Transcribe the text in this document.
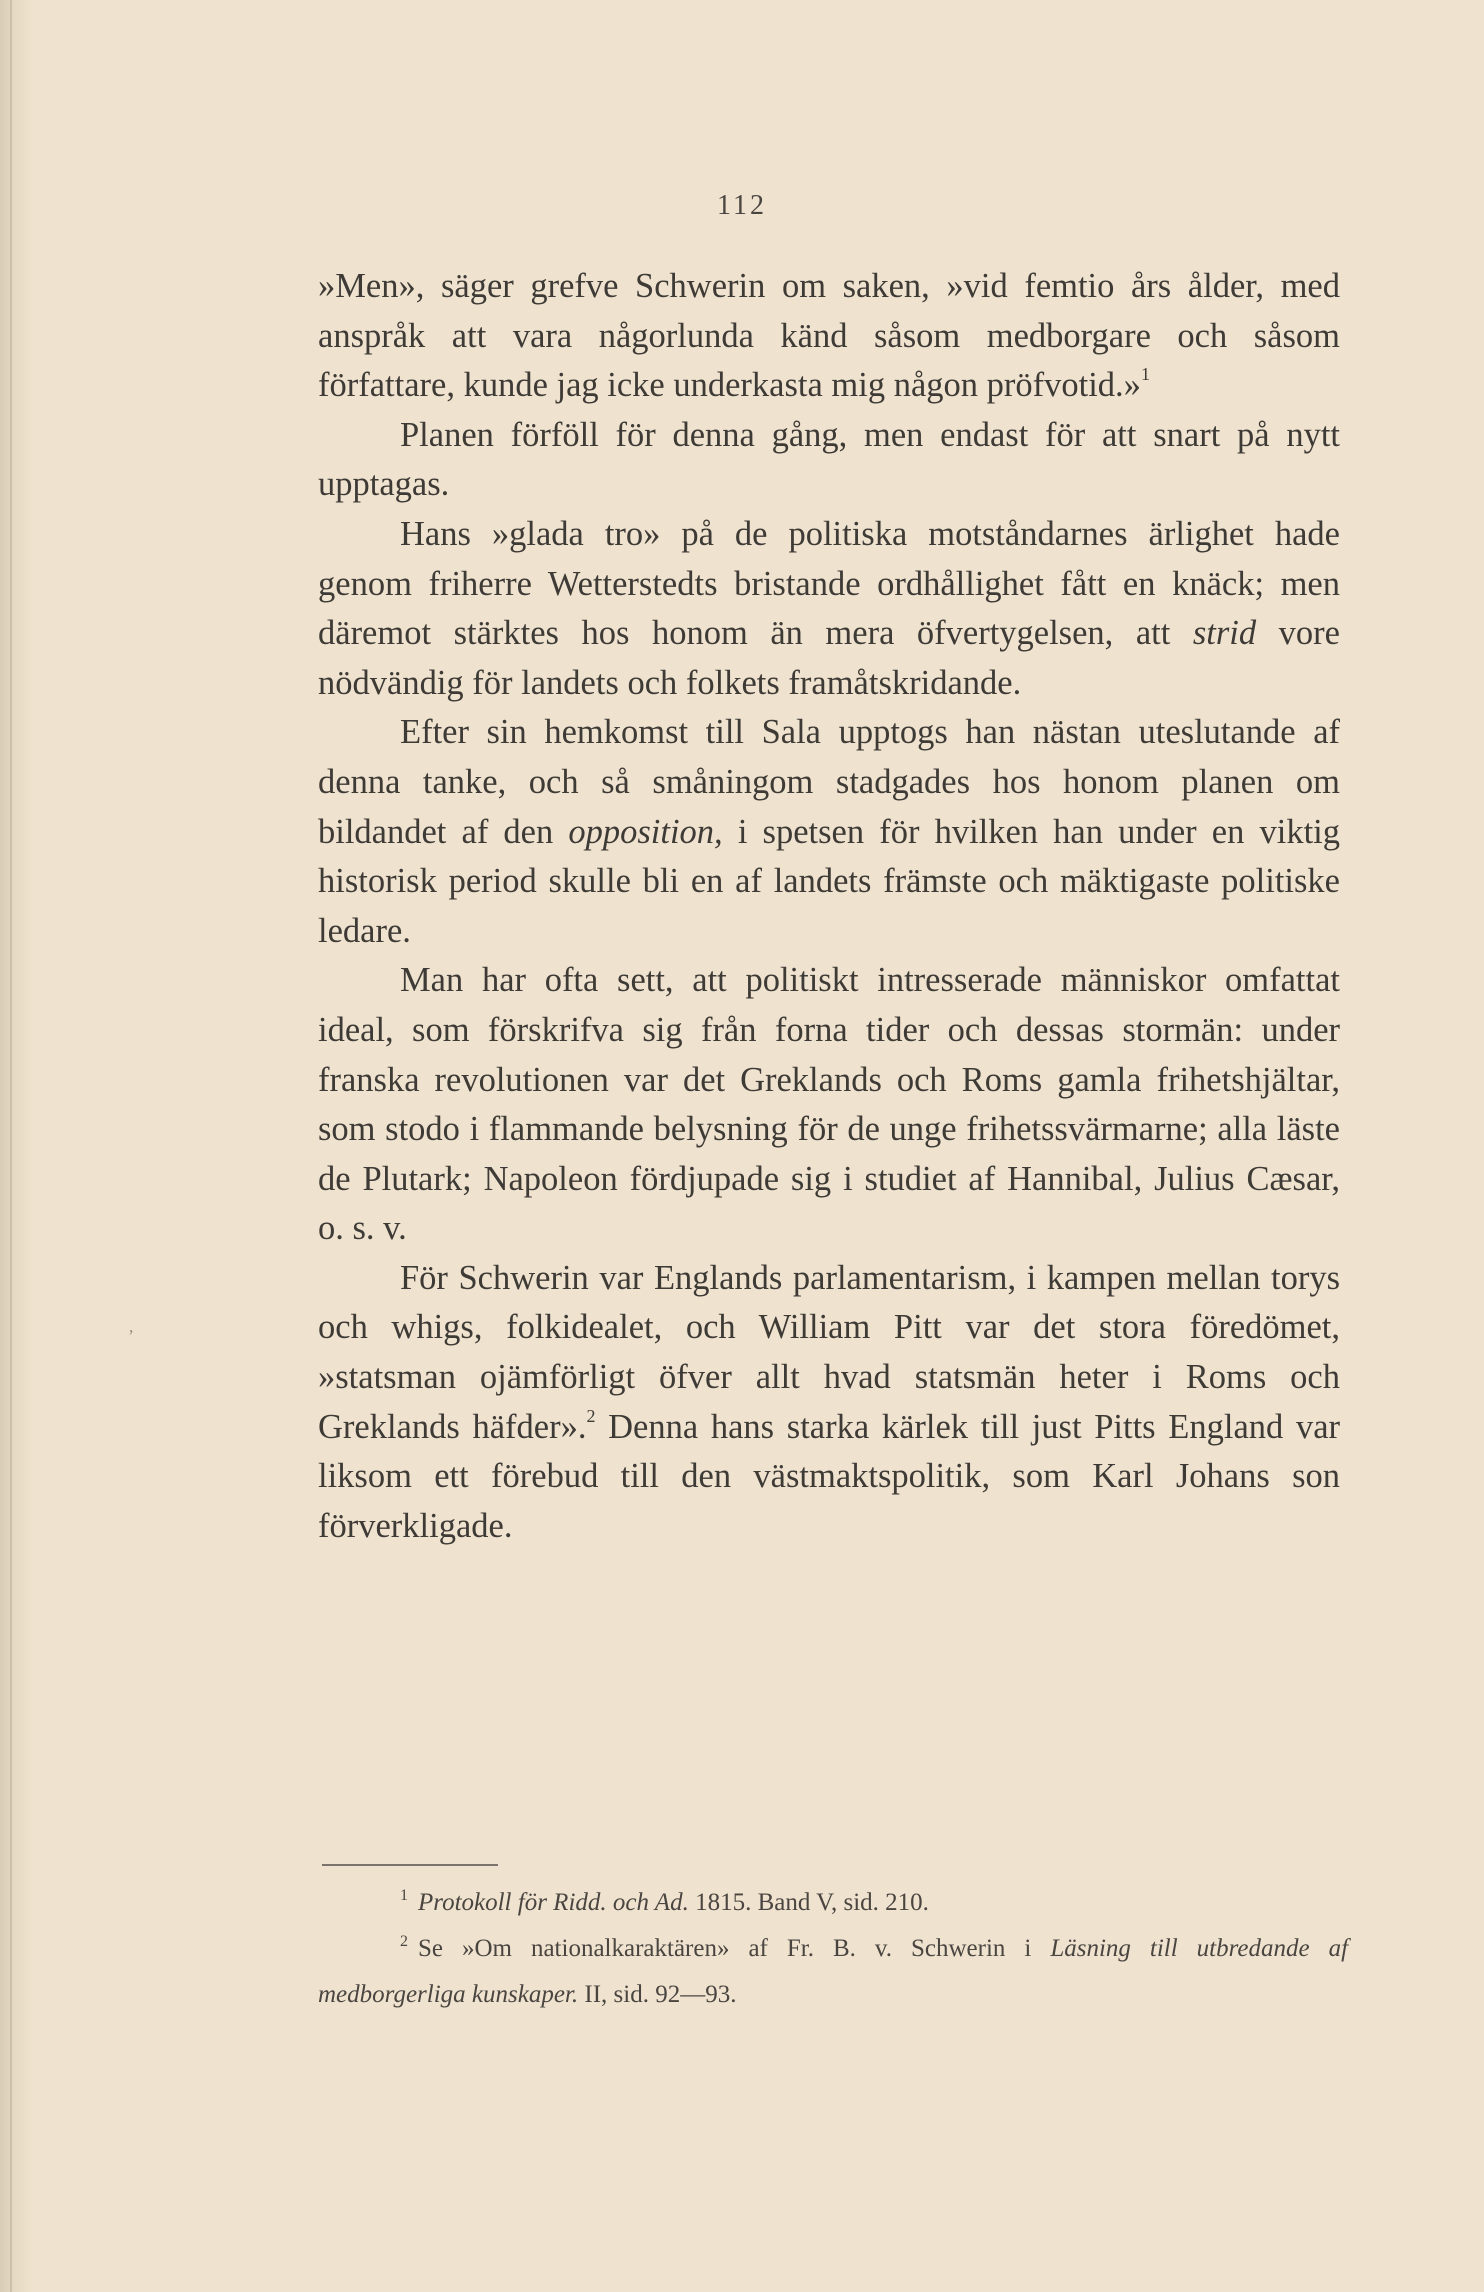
’
112

»Men», säger grefve Schwerin om saken, »vid femtio års ålder, med anspråk att vara någorlunda känd såsom medborgare och såsom författare, kunde jag icke underkasta mig någon pröfvotid.»$^1$

Planen förföll för denna gång, men endast för att snart på nytt upptagas.

Hans »glada tro» på de politiska motståndarnes ärlighet hade genom friherre Wetterstedts bristande ordhållighet fått en knäck; men däremot stärktes hos honom än mera öfvertygelsen, att strid vore nödvändig för landets och folkets framåtskridande.

Efter sin hemkomst till Sala upptogs han nästan uteslutande af denna tanke, och så småningom stadgades hos honom planen om bildandet af den opposition, i spetsen för hvilken han under en viktig historisk period skulle bli en af landets främste och mäktigaste politiske ledare.

Man har ofta sett, att politiskt intresserade människor omfattat ideal, som förskrifva sig från forna tider och dessas stormän: under franska revolutionen var det Greklands och Roms gamla frihetshjältar, som stodo i flammande belysning för de unge frihetssvärmarne; alla läste de Plutark; Napoleon fördjupade sig i studiet af Hannibal, Julius Cæsar, o. s. v.

För Schwerin var Englands parlamentarism, i kampen mellan torys och whigs, folkidealet, och William Pitt var det stora föredömet, »statsman ojämförligt öfver allt hvad statsmän heter i Roms och Greklands häfder».$^2$ Denna hans starka kärlek till just Pitts England var liksom ett förebud till den västmaktspolitik, som Karl Johans son förverkligade.

$^1$ Protokoll för Ridd. och Ad. 1815. Band V, sid. 210.

$^2$ Se »Om nationalkaraktären» af Fr. B. v. Schwerin i Läsning till utbredande af medborgerliga kunskaper. II, sid. 92—93.
